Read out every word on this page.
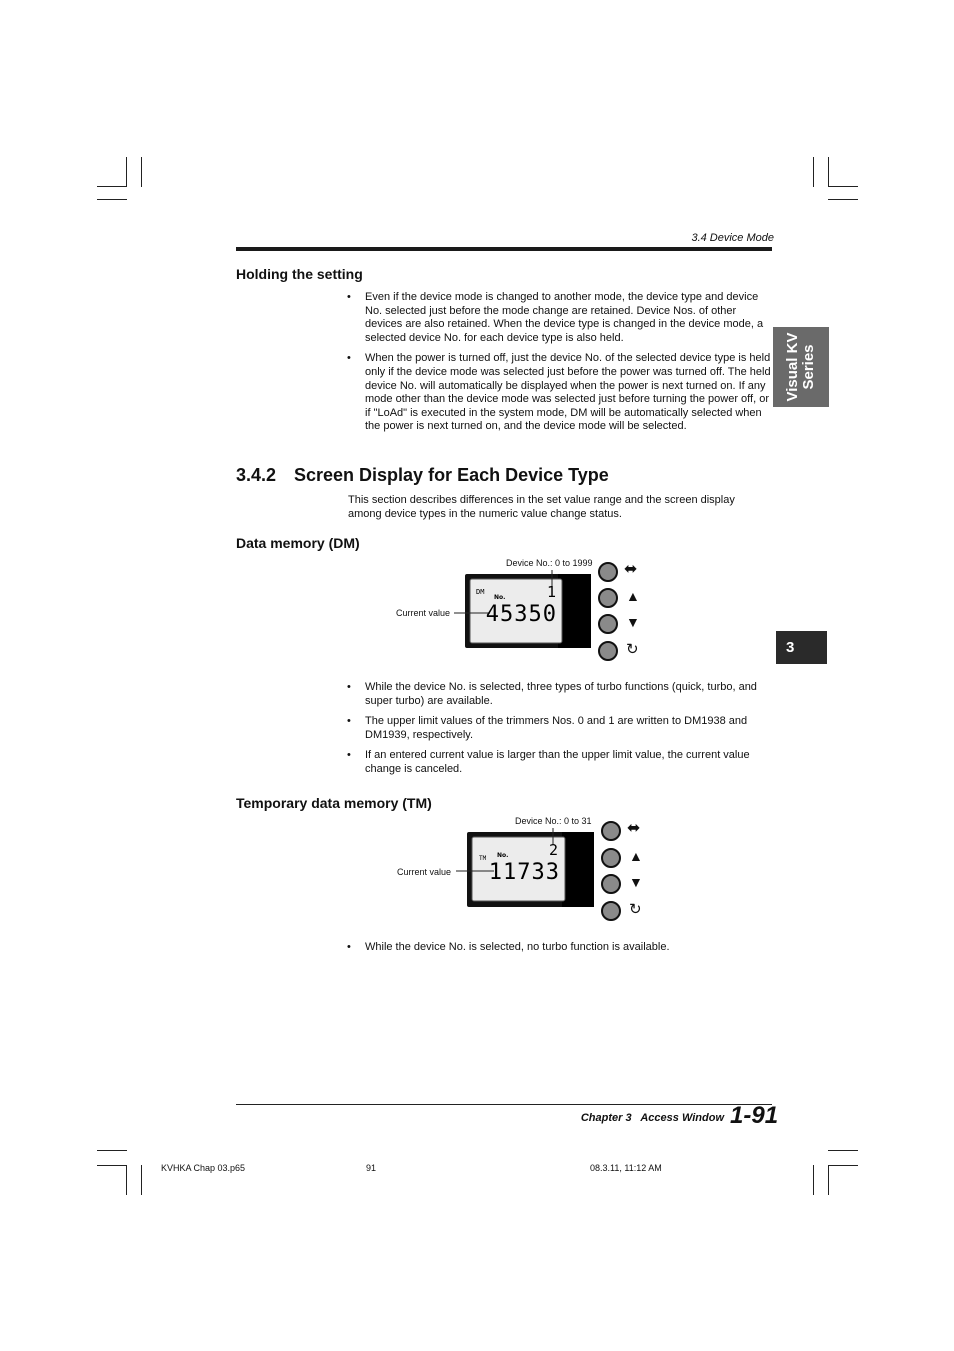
3.4 Device Mode
Visual KV Series
3
Holding the setting
• Even if the device mode is changed to another mode, the device type and device No. selected just before the mode change are retained. Device Nos. of other devices are also retained. When the device type is changed in the device mode, a selected device No. for each device type is also held.
• When the power is turned off, just the device No. of the selected device type is held only if the device mode was selected just before the power was turned off. The held device No. will automatically be displayed when the power is next turned on. If any mode other than the device mode was selected just before turning the power off, or if "LoAd" is executed in the system mode, DM will be automatically selected when the power is next turned on, and the device mode will be selected.
3.4.2 Screen Display for Each Device Type
This section describes differences in the set value range and the screen display among device types in the numeric value change status.
Data memory (DM)
Device No.: 0 to 1999
Current value
DM
No.	1
45350
⬌
▲
▼
↻
• While the device No. is selected, three types of turbo functions (quick, turbo, and super turbo) are available.
• The upper limit values of the trimmers Nos. 0 and 1 are written to DM1938 and DM1939, respectively.
• If an entered current value is larger than the upper limit value, the current value change is canceled.
Temporary data memory (TM)
Device No.: 0 to 31
Current value
TM No.	2
11733
⬌
▲
▼
↻
• While the device No. is selected, no turbo function is available.
Chapter 3   Access Window 1-91
KVHKA Chap 03.p65	91	08.3.11, 11:12 AM
